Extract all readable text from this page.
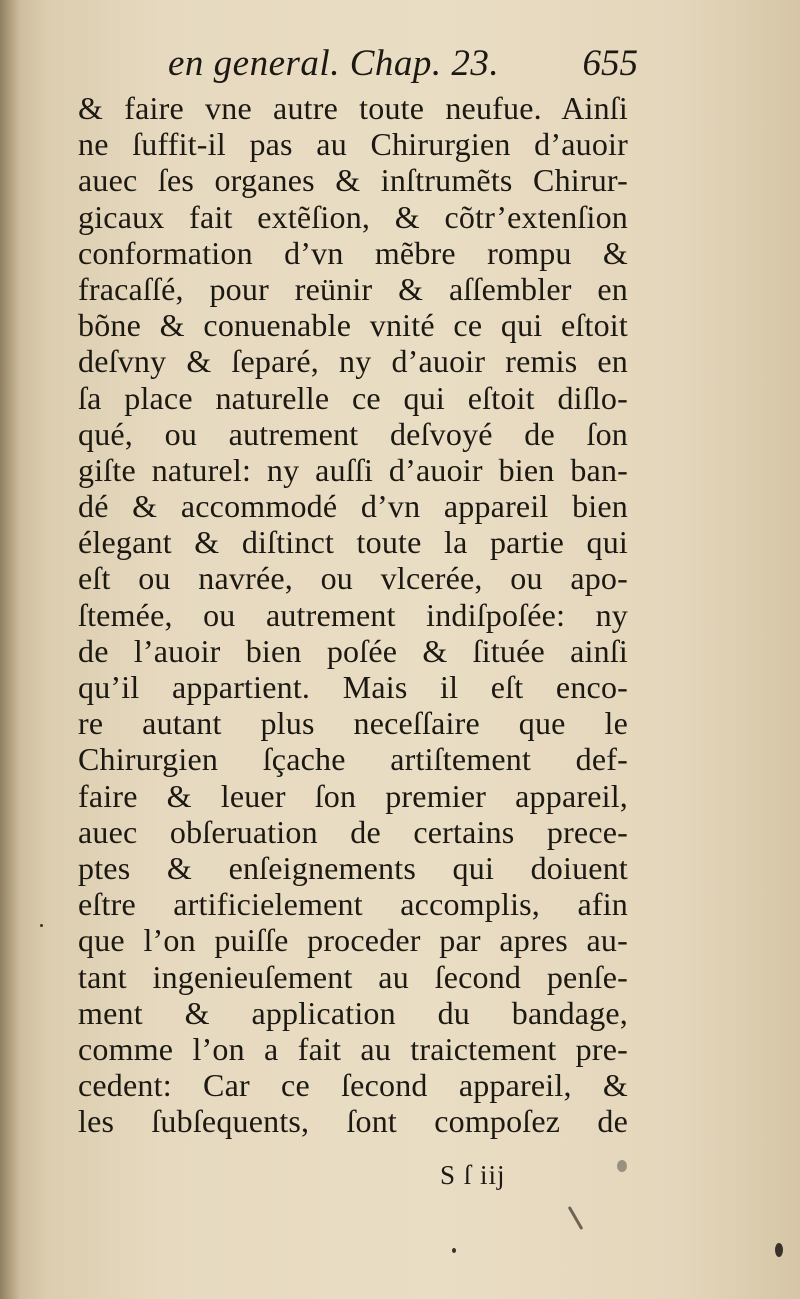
en general. Chap. 23. 655
& faire vne autre toute neufue. Ainſi
ne ſuffit-il pas au Chirurgien d’auoir
auec ſes organes & inſtrumẽts Chirur-
gicaux fait extẽſion, & cõtr’extenſion
conformation d’vn mẽbre rompu &
fracaſſé, pour reünir & aſſembler en
bõne & conuenable vnité ce qui eſtoit
deſvny & ſeparé, ny d’auoir remis en
ſa place naturelle ce qui eſtoit diſlo-
qué, ou autrement deſvoyé de ſon
giſte naturel: ny auſſi d’auoir bien ban-
dé & accommodé d’vn appareil bien
élegant & diſtinct toute la partie qui
eſt ou navrée, ou vlcerée, ou apo-
ſtemée, ou autrement indiſpoſée: ny
de l’auoir bien poſée & ſituée ainſi
qu’il appartient. Mais il eſt enco-
re autant plus neceſſaire que le
Chirurgien ſçache artiſtement def-
faire & leuer ſon premier appareil,
auec obſeruation de certains prece-
ptes & enſeignements qui doiuent
eſtre artificielement accomplis, afin
que l’on puiſſe proceder par apres au-
tant ingenieuſement au ſecond penſe-
ment & application du bandage,
comme l’on a fait au traictement pre-
cedent: Car ce ſecond appareil, &
les ſubſequents, ſont compoſez de
S ſ iij
